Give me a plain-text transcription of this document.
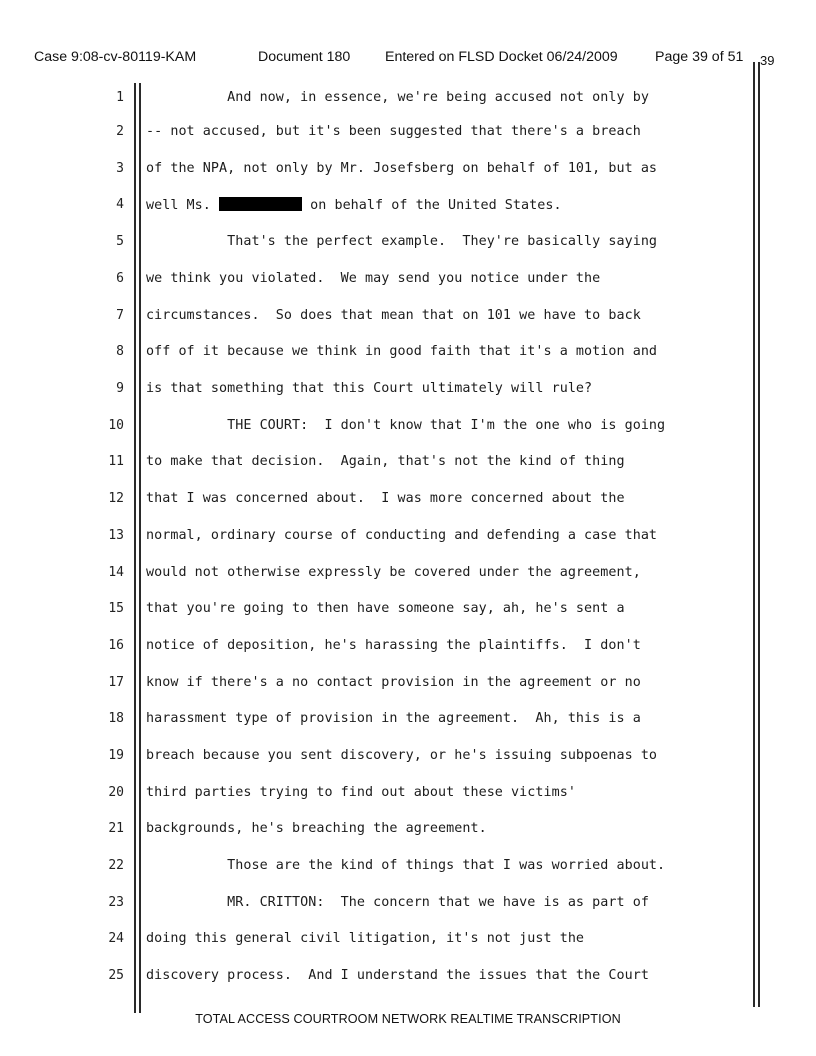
Case 9:08-cv-80119-KAM	Document 180 Entered on FLSD Docket 06/24/2009	Page 39 of 51 39
1 And now, in essence, we're being accused not only by
2 -- not accused, but it's been suggested that there's a breach
3 of the NPA, not only by Mr. Josefsberg on behalf of 101, but as
4 well Ms.	on behalf of the United States.
5 That's the perfect example.  They're basically saying
6 we think you violated.  We may send you notice under the
7 circumstances.  So does that mean that on 101 we have to back
8 off of it because we think in good faith that it's a motion and
9 is that something that this Court ultimately will rule?
10 THE COURT:  I don't know that I'm the one who is going
11 to make that decision.  Again, that's not the kind of thing
12 that I was concerned about.  I was more concerned about the
13 normal, ordinary course of conducting and defending a case that
14 would not otherwise expressly be covered under the agreement,
15 that you're going to then have someone say, ah, he's sent a
16 notice of deposition, he's harassing the plaintiffs.  I don't
17 know if there's a no contact provision in the agreement or no
18 harassment type of provision in the agreement.  Ah, this is a
19 breach because you sent discovery, or he's issuing subpoenas to
20 third parties trying to find out about these victims'
21 backgrounds, he's breaching the agreement.
22 Those are the kind of things that I was worried about.
23 MR. CRITTON:  The concern that we have is as part of
24 doing this general civil litigation, it's not just the
25 discovery process.  And I understand the issues that the Court
TOTAL ACCESS COURTROOM NETWORK REALTIME TRANSCRIPTION
